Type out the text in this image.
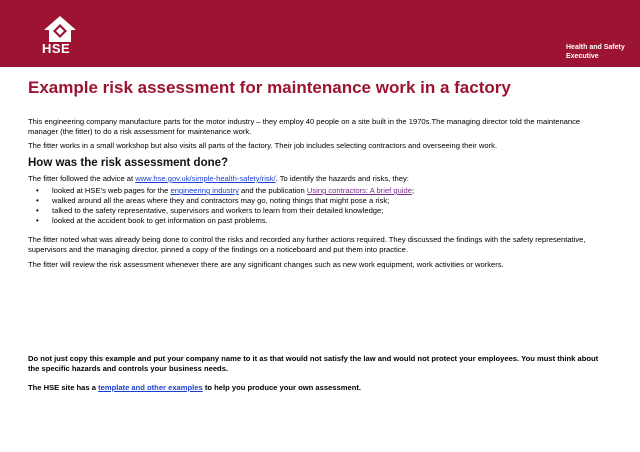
HSE	Health and Safety
Executive
Example risk assessment for maintenance work in a factory

This engineering company manufacture parts for the motor industry – they employ 40 people on a site built in the 1970s.The managing director told the maintenance manager (the fitter) to do a risk assessment for maintenance work.

The fitter works in a small workshop but also visits all parts of the factory. Their job includes selecting contractors and overseeing their work.

How was the risk assessment done?

The fitter followed the advice at www.hse.gov.uk/simple-health-safety/risk/. To identify the hazards and risks, they:

• looked at HSE’s web pages for the engineering industry and the publication Using contractors: A brief guide;
• walked around all the areas where they and contractors may go, noting things that might pose a risk;
• talked to the safety representative, supervisors and workers to learn from their detailed knowledge;
• looked at the accident book to get information on past problems.

The fitter noted what was already being done to control the risks and recorded any further actions required. They discussed the findings with the safety representative, supervisors and the managing director, pinned a copy of the findings on a noticeboard and put them into practice.

The fitter will review the risk assessment whenever there are any significant changes such as new work equipment, work activities or workers.

Do not just copy this example and put your company name to it as that would not satisfy the law and would not protect your employees. You must think about the specific hazards and controls your business needs.

The HSE site has a template and other examples to help you produce your own assessment.
